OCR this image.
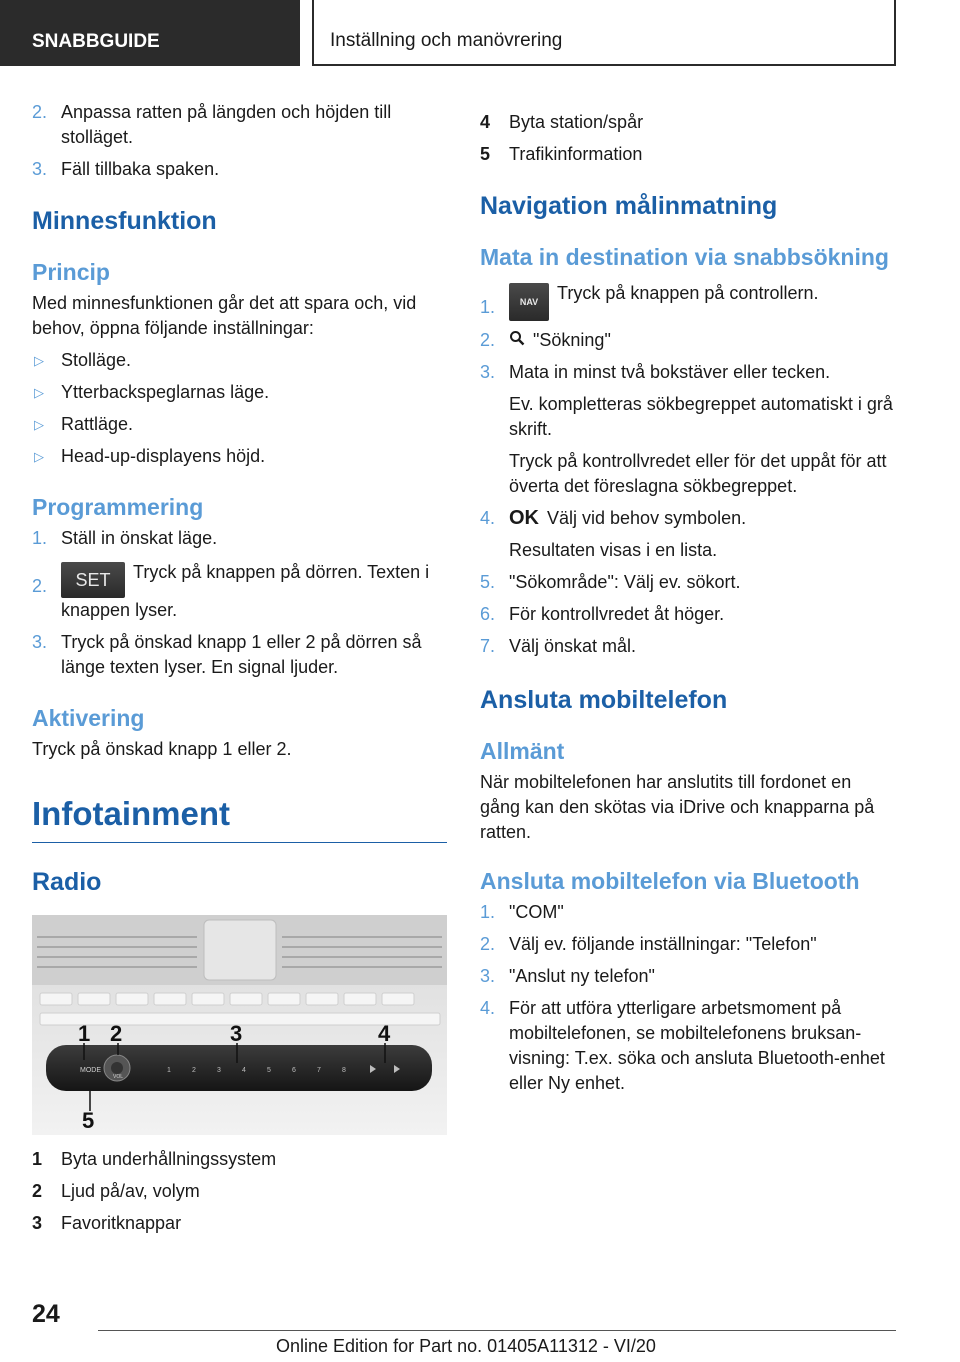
SNABBGUIDE	Inställning och manövrering
2. Anpassa ratten på längden och höjden till stolläget.
3. Fäll tillbaka spaken.
Minnesfunktion
Princip
Med minnesfunktionen går det att spara och, vid behov, öppna följande inställningar:
▷ Stolläge.
▷ Ytterbackspeglarnas läge.
▷ Rattläge.
▷ Head-up-displayens höjd.
Programmering
1. Ställ in önskat läge.
2. SET Tryck på knappen på dörren. Texten i knappen lyser.
3. Tryck på önskad knapp 1 eller 2 på dörren så länge texten lyser. En signal ljuder.
Aktivering
Tryck på önskad knapp 1 eller 2.
Infotainment
Radio
MODE
VOL
1	2	3	4	5	6	7	8
1 2	3	4
5
1 Byta underhållningssystem
2 Ljud på/av, volym
3 Favoritknappar
4 Byta station/spår
5 Trafikinformation
Navigation målinmatning
Mata in destination via snabbsökning
1.	NAV Tryck på knappen på controllern.
2. "Sökning"
3. Mata in minst två bokstäver eller tecken.
Ev. kompletteras sökbegreppet automatiskt i grå skrift.
Tryck på kontrollvredet eller för det uppåt för att överta det föreslagna sökbegreppet.
4. OK Välj vid behov symbolen.
Resultaten visas i en lista.
5. "Sökområde": Välj ev. sökort.
6. För kontrollvredet åt höger.
7. Välj önskat mål.
Ansluta mobiltelefon
Allmänt
När mobiltelefonen har anslutits till fordonet en gång kan den skötas via iDrive och knapparna på ratten.
Ansluta mobiltelefon via Bluetooth
1. "COM"
2. Välj ev. följande inställningar: "Telefon"
3. "Anslut ny telefon"
4. För att utföra ytterligare arbetsmoment på mobiltelefonen, se mobiltelefonens bruksanvisning: T.ex. söka och ansluta Bluetooth-enhet eller Ny enhet.
24
Online Edition for Part no. 01405A11312 - VI/20
